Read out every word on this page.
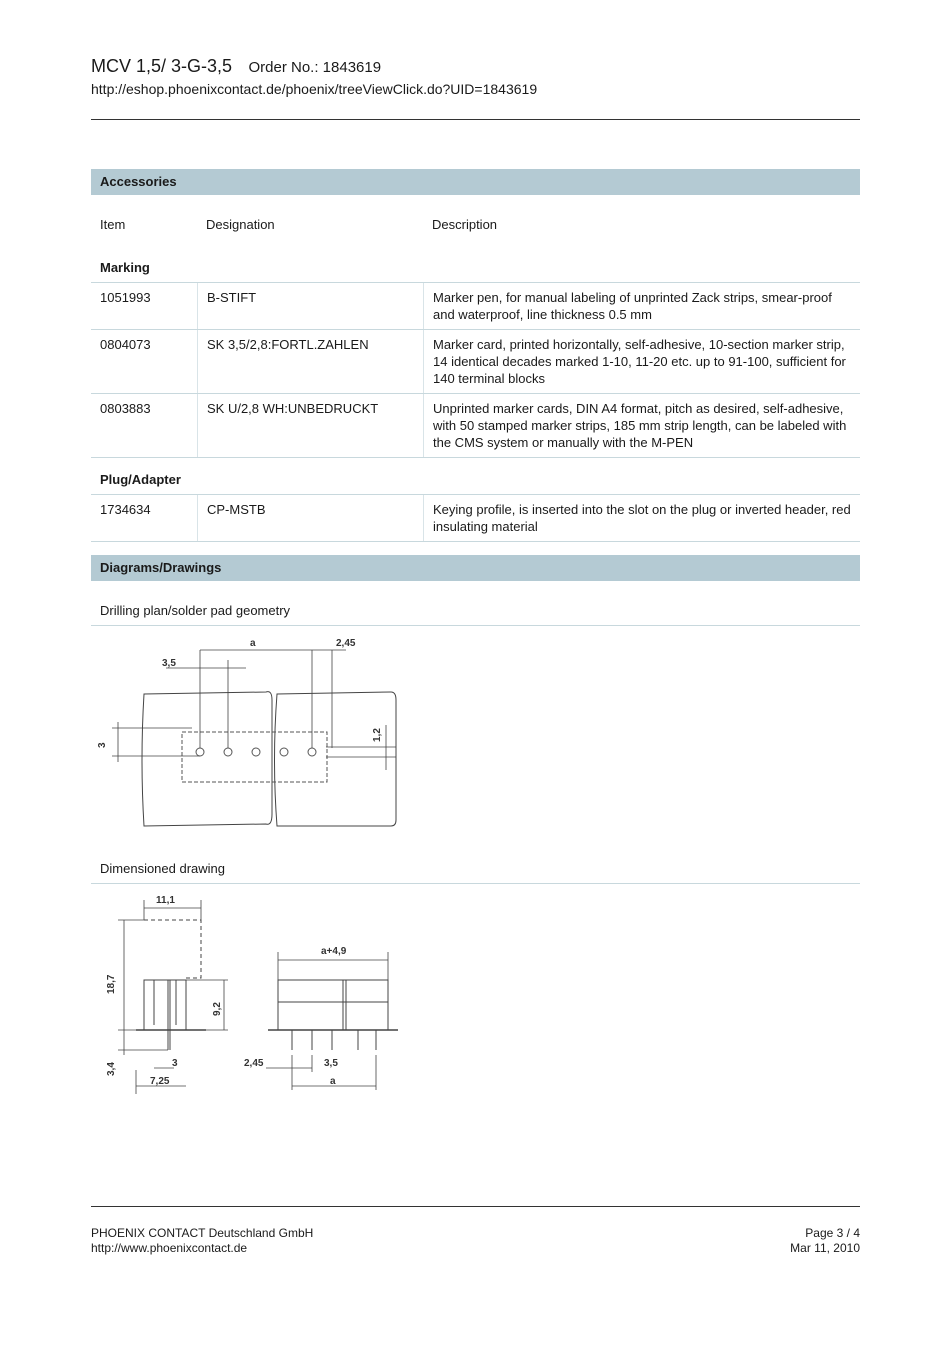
MCV 1,5/ 3-G-3,5 Order No.: 1843619
http://eshop.phoenixcontact.de/phoenix/treeViewClick.do?UID=1843619
Accessories
Item	Designation	Description
Marking
1051993	B-STIFT	Marker pen, for manual labeling of unprinted Zack strips, smear-proof and waterproof, line thickness 0.5 mm
0804073	SK 3,5/2,8:FORTL.ZAHLEN	Marker card, printed horizontally, self-adhesive, 10-section marker strip, 14 identical decades marked 1-10, 11-20 etc. up to 91-100, sufficient for 140 terminal blocks
0803883	SK U/2,8 WH:UNBEDRUCKT	Unprinted marker cards, DIN A4 format, pitch as desired, self-adhesive, with 50 stamped marker strips, 185 mm strip length, can be labeled with the CMS system or manually with the M-PEN
Plug/Adapter
1734634	CP-MSTB	Keying profile, is inserted into the slot on the plug or inverted header, red insulating material
Diagrams/Drawings
Drilling plan/solder pad geometry
a	2,45
3,5
3
1,2
Dimensioned drawing
11,1
18,7
9,2
3,4	3
7,25
a+4,9
2,45	3,5
a
PHOENIX CONTACT Deutschland GmbH
http://www.phoenixcontact.de
Page 3 / 4
Mar 11, 2010
